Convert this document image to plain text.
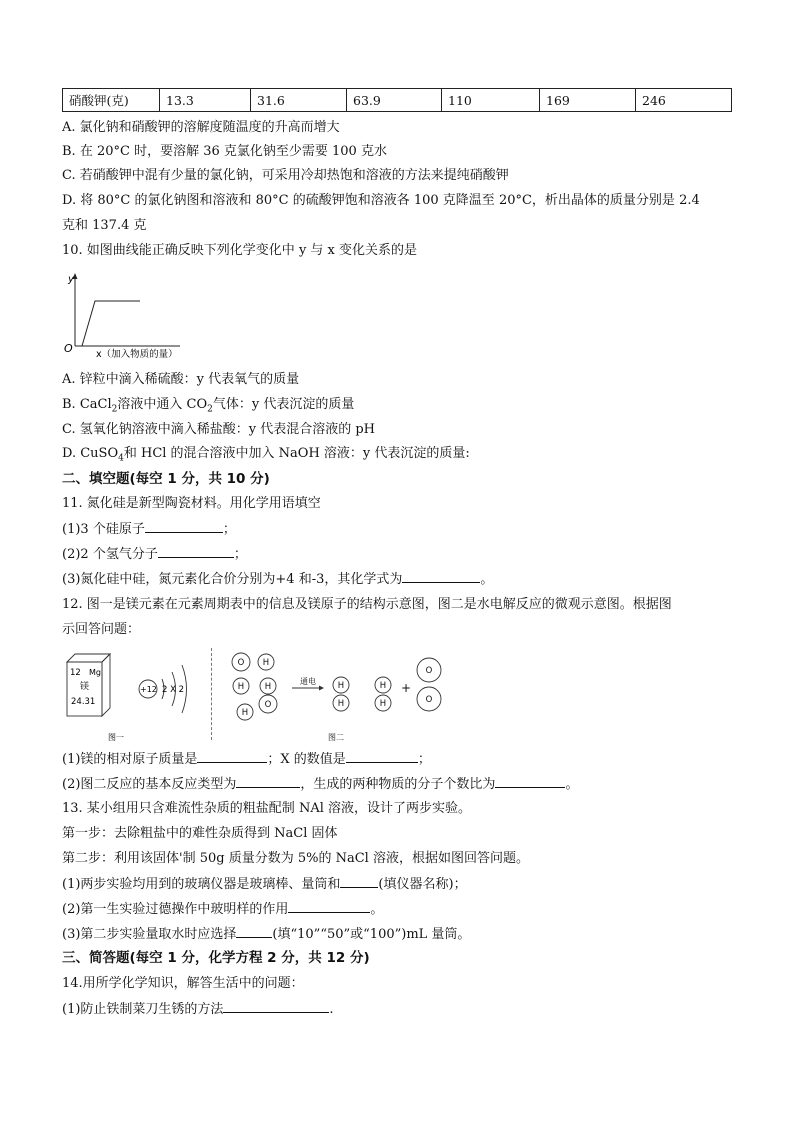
硝酸钾(克)	13.3	31.6	63.9	110	169	246
A. 氯化钠和硝酸钾的溶解度随温度的升高而增大
B. 在 20°C 时，要溶解 36 克氯化钠至少需要 100 克水
C. 若硝酸钾中混有少量的氯化钠，可采用冷却热饱和溶液的方法来提纯硝酸钾
D. 将 80°C 的氯化钠图和溶液和 80°C 的硫酸钾饱和溶液各 100 克降温至 20°C，析出晶体的质量分别是 2.4
克和 137.4 克
10. 如图曲线能正确反映下列化学变化中 y 与 x 变化关系的是
y
O x（加入物质的量）
A. 锌粒中滴入稀硫酸：y 代表氧气的质量
B. CaCl$_2$溶液中通入 $CO_2$气体：y 代表沉淀的质量
C. 氢氧化钠溶液中滴入稀盐酸：y 代表混合溶液的 pH
D. CuSO$_4$和 HCl 的混合溶液中加入 NaOH 溶液：y 代表沉淀的质量:
二、填空题(每空 1 分，共 10 分)
11. 氮化硅是新型陶瓷材料。用化学用语填空
(1)3 个硅原子	；
(2)2 个氢气分子	；
(3)氮化硅中硅，氮元素化合价分别为+4 和-3，其化学式为	。
12. 图一是镁元素在元素周期表中的信息及镁原子的结构示意图，图二是水电解反应的微观示意图。根据图
示回答问题：
12 Mg
镁
24.31
+12 2 X 2
图一
O H
H H
O
H
H
H
H
H
O
O
+
通电
图二
(1)镁的相对原子质量是	；X 的数值是	；
(2)图二反应的基本反应类型为	，生成的两种物质的分子个数比为	。
13. 某小组用只含难流性杂质的粗盐配制 NAl 溶液，设计了两步实验。
第一步：去除粗盐中的难性杂质得到 NaCl 固体
第二步：利用该固体'制 50g 质量分数为 5%的 NaCl 溶液，根据如图回答问题。
(1)两步实验均用到的玻璃仪器是玻璃棒、量筒和	(填仪器名称)；
(2)第一生实验过德操作中玻明样的作用	。
(3)第二步实验量取水时应选择	(填“10”“50”或“100”)mL 量筒。
三、简答题(每空 1 分，化学方程 2 分，共 12 分)
14.用所学化学知识，解答生活中的问题：
(1)防止铁制菜刀生锈的方法	.
